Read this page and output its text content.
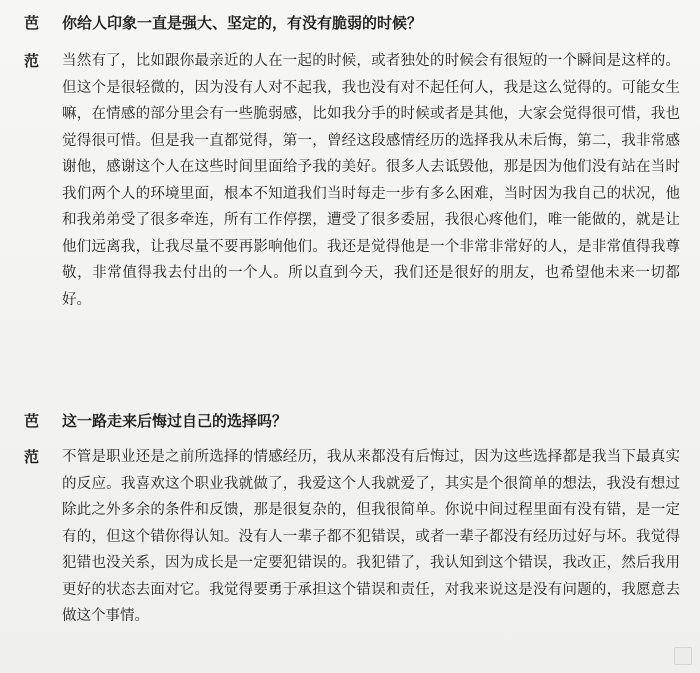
芭 你给人印象一直是强大、坚定的，有没有脆弱的时候？

范 当然有了，比如跟你最亲近的人在一起的时候，或者独处的时候会有很短的一个瞬间是这样的。但这个是很轻微的，因为没有人对不起我，我也没有对不起任何人，我是这么觉得的。可能女生嘛，在情感的部分里会有一些脆弱感，比如我分手的时候或者是其他，大家会觉得很可惜，我也觉得很可惜。但是我一直都觉得，第一，曾经这段感情经历的选择我从未后悔，第二，我非常感谢他，感谢这个人在这些时间里面给予我的美好。很多人去诋毁他，那是因为他们没有站在当时我们两个人的环境里面，根本不知道我们当时每走一步有多么困难，当时因为我自己的状况，他和我弟弟受了很多牵连，所有工作停摆，遭受了很多委屈，我很心疼他们，唯一能做的，就是让他们远离我，让我尽量不要再影响他们。我还是觉得他是一个非常非常好的人，是非常值得我尊敬，非常值得我去付出的一个人。所以直到今天，我们还是很好的朋友，也希望他未来一切都好。

芭 这一路走来后悔过自己的选择吗？

范 不管是职业还是之前所选择的情感经历，我从来都没有后悔过，因为这些选择都是我当下最真实的反应。我喜欢这个职业我就做了，我爱这个人我就爱了，其实是个很简单的想法，我没有想过除此之外多余的条件和反馈，那是很复杂的，但我很简单。你说中间过程里面有没有错，是一定有的，但这个错你得认知。没有人一辈子都不犯错误，或者一辈子都没有经历过好与坏。我觉得犯错也没关系，因为成长是一定要犯错误的。我犯错了，我认知到这个错误，我改正，然后我用更好的状态去面对它。我觉得要勇于承担这个错误和责任，对我来说这是没有问题的，我愿意去做这个事情。
